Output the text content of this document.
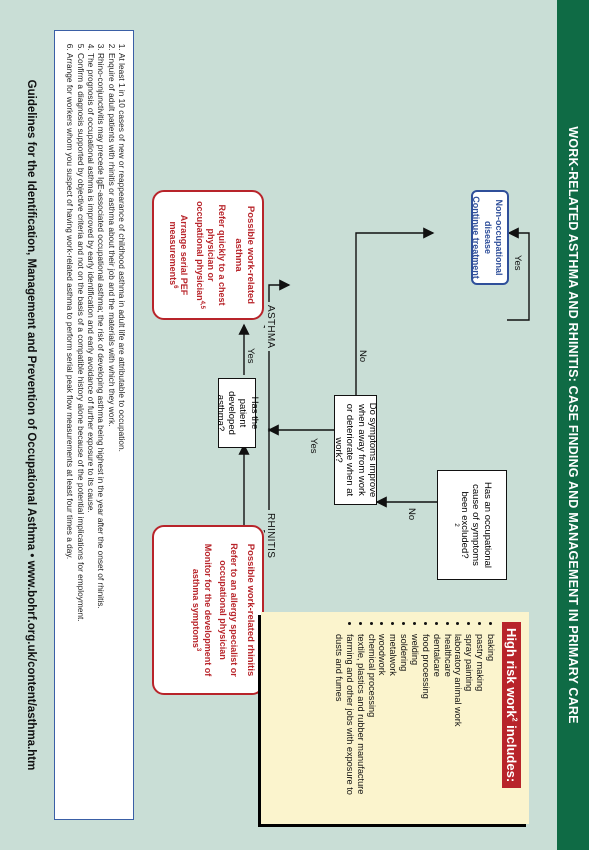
WORK-RELATED ASTHMA AND RHINITIS: CASE FINDING AND MANAGEMENT IN PRIMARY CARE
Has an occupational cause of symptoms been excluded?
2
Yes
No
Non-occupational disease
Continue treatment
Do symptoms improve when away from work or deteriorate when at work?
No
Yes
ASTHMA
RHINITIS
Has the patient developed asthma?
Yes
Possible work-related asthma
Refer quickly to a chest physician or occupational physician$^{4,5}$
Arrange serial PEF measurements$^6$
Possible work-related rhinitis
Refer to an allergy specialist or occupational physician
Monitor for the development of asthma symptoms$^3$	High risk work$^2$ includes:
• baking
• pastry making
• spray painting
• laboratory animal work
• healthcare
• dentalcare
• food processing
• welding
• soldering
• metalwork
• woodwork
• chemical processing
• textile, plastics and rubber manufacture
• farming and other jobs with exposure to dusts and fumes
1. At least 1 in 10 cases of new or reappearance of childhood asthma in adult life are attributable to occupation.
2. Enquire of adult patients with rhinitis or asthma about their job and the materials with which they work.
3. Rhino-conjunctivitis may precede IgE-associated occupational asthma; the risk of developing asthma being highest in the year after the onset of rhinitis.
4. The prognosis of occupational asthma is improved by early identification and early avoidance of further exposure to its cause.
5. Confirm a diagnosis supported by objective criteria and not on the basis of a compatible history alone because of the potential implications for employment.
6. Arrange for workers whom you suspect of having work-related asthma to perform serial peak flow measurements at least four times a day.
Guidelines for the Identification, Management and Prevention of Occupational Asthma • www.bohrf.org.uk/content/asthma.htm
